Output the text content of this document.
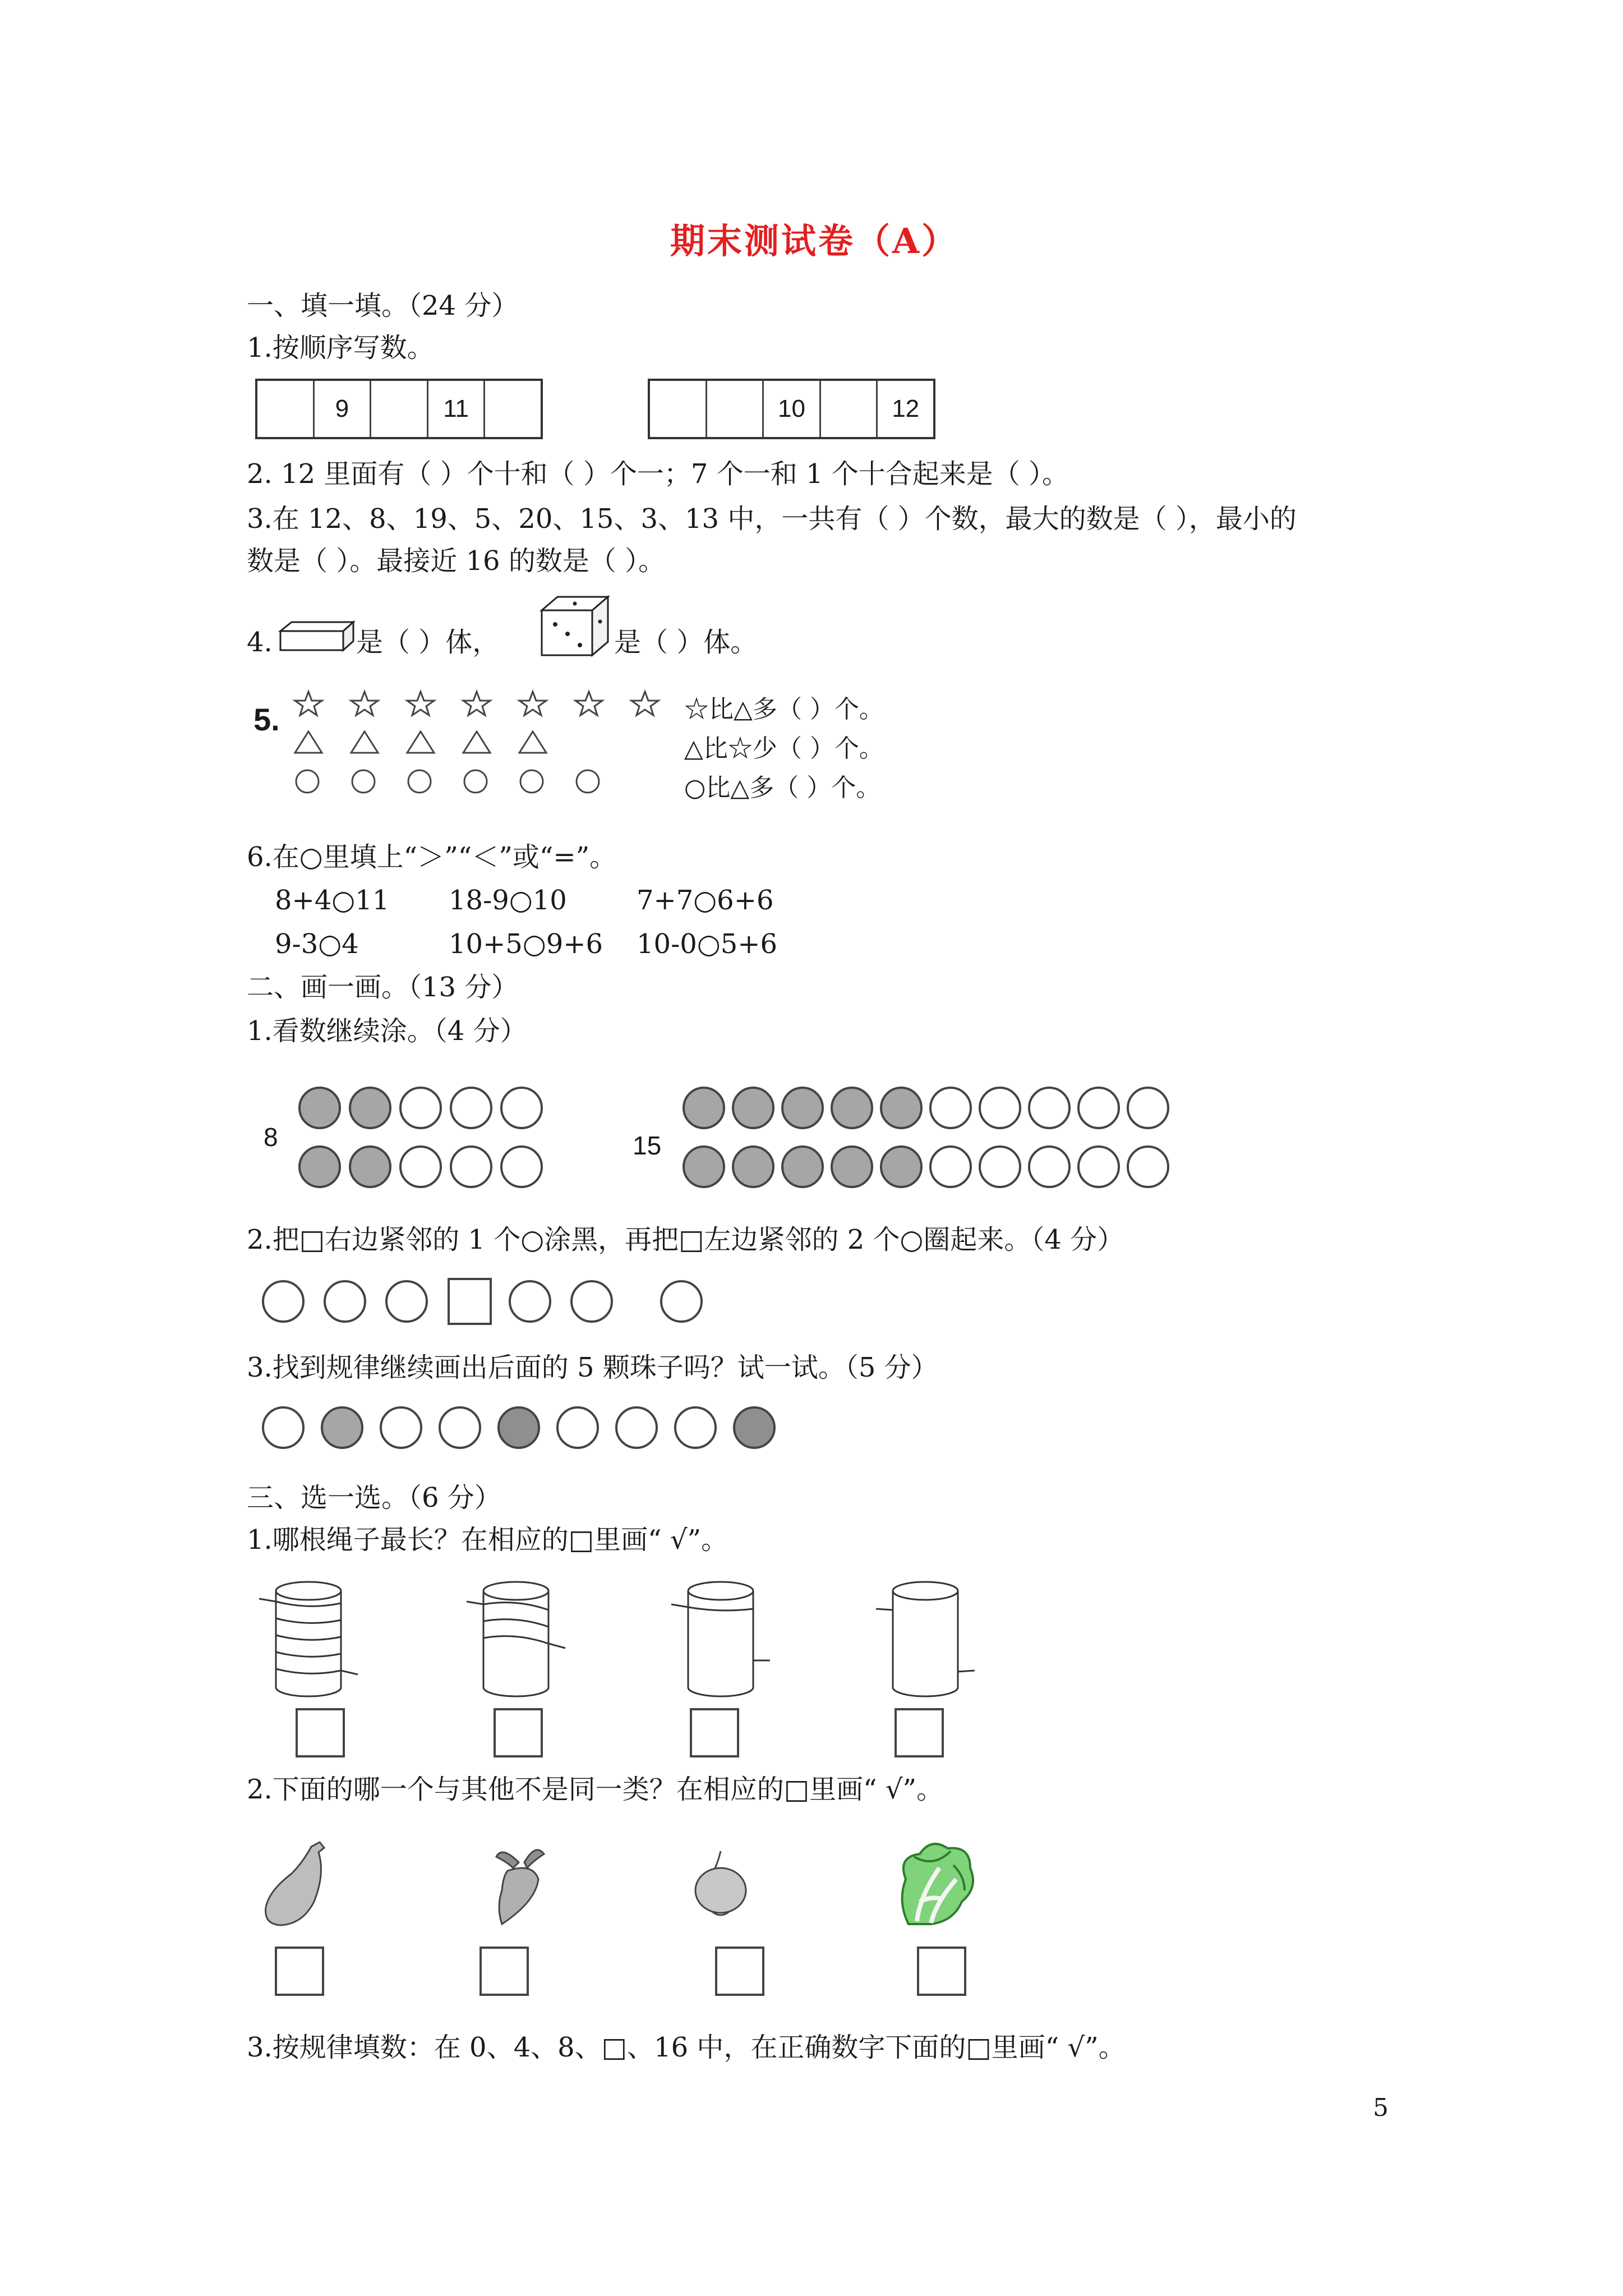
期末测试卷（A）
一、填一填。（24 分）
1.按顺序写数。
9	11	10	12
2. 12 里面有（ ）个十和（ ）个一；7 个一和 1 个十合起来是（ ）。
3.在 12、8、19、5、20、15、3、13 中，一共有（ ）个数，最大的数是（ ），最小的
数是（ ）。最接近 16 的数是（ ）。
4.	是（ ）体，	是（ ）体。
5.	☆比△多（ ）个。
△比☆少（ ）个。
○比△多（ ）个。
6.在○里填上“＞”“＜”或“=”。
8+4○11 18-9○10	7+7○6+6
9-3○4	10+5○9+6 10-0○5+6
二、画一画。（13 分）
1.看数继续涂。（4 分）
8	15
2.把□右边紧邻的 1 个○涂黑，再把□左边紧邻的 2 个○圈起来。（4 分）
3.找到规律继续画出后面的 5 颗珠子吗？试一试。（5 分）
三、选一选。（6 分）
1.哪根绳子最长？在相应的□里画“ √”。
2.下面的哪一个与其他不是同一类？在相应的□里画“ √”。
3.按规律填数：在 0、4、8、□、16 中，在正确数字下面的□里画“ √”。
5
